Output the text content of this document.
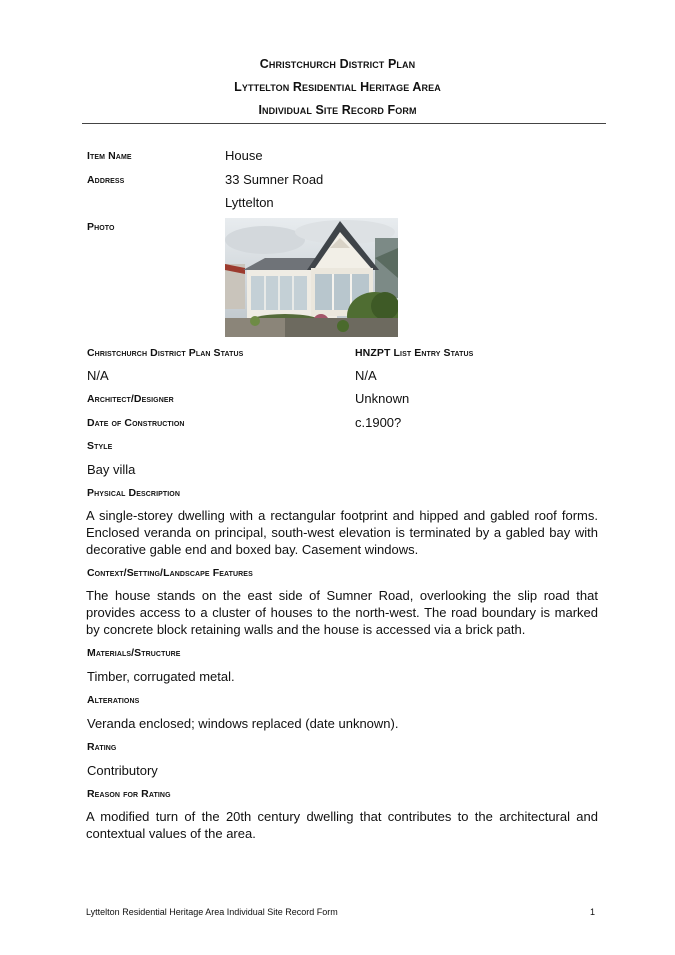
Christchurch District Plan
Lyttelton Residential Heritage Area
Individual Site Record Form
Item Name	House
Address	33 Sumner Road
Lyttelton
Photo
Christchurch District Plan Status	HNZPT List Entry Status
N/A	N/A
Architect/Designer	Unknown
Date of Construction	c.1900?
Style
Bay villa
Physical Description
A single-storey dwelling with a rectangular footprint and hipped and gabled roof forms. Enclosed veranda on principal, south-west elevation is terminated by a gabled bay with decorative gable end and boxed bay. Casement windows.
Context/Setting/Landscape Features
The house stands on the east side of Sumner Road, overlooking the slip road that provides access to a cluster of houses to the north-west. The road boundary is marked by concrete block retaining walls and the house is accessed via a brick path.
Materials/Structure
Timber, corrugated metal.
Alterations
Veranda enclosed; windows replaced (date unknown).
Rating
Contributory
Reason for Rating
A modified turn of the 20th century dwelling that contributes to the architectural and contextual values of the area.
Lyttelton Residential Heritage Area Individual Site Record Form	1
